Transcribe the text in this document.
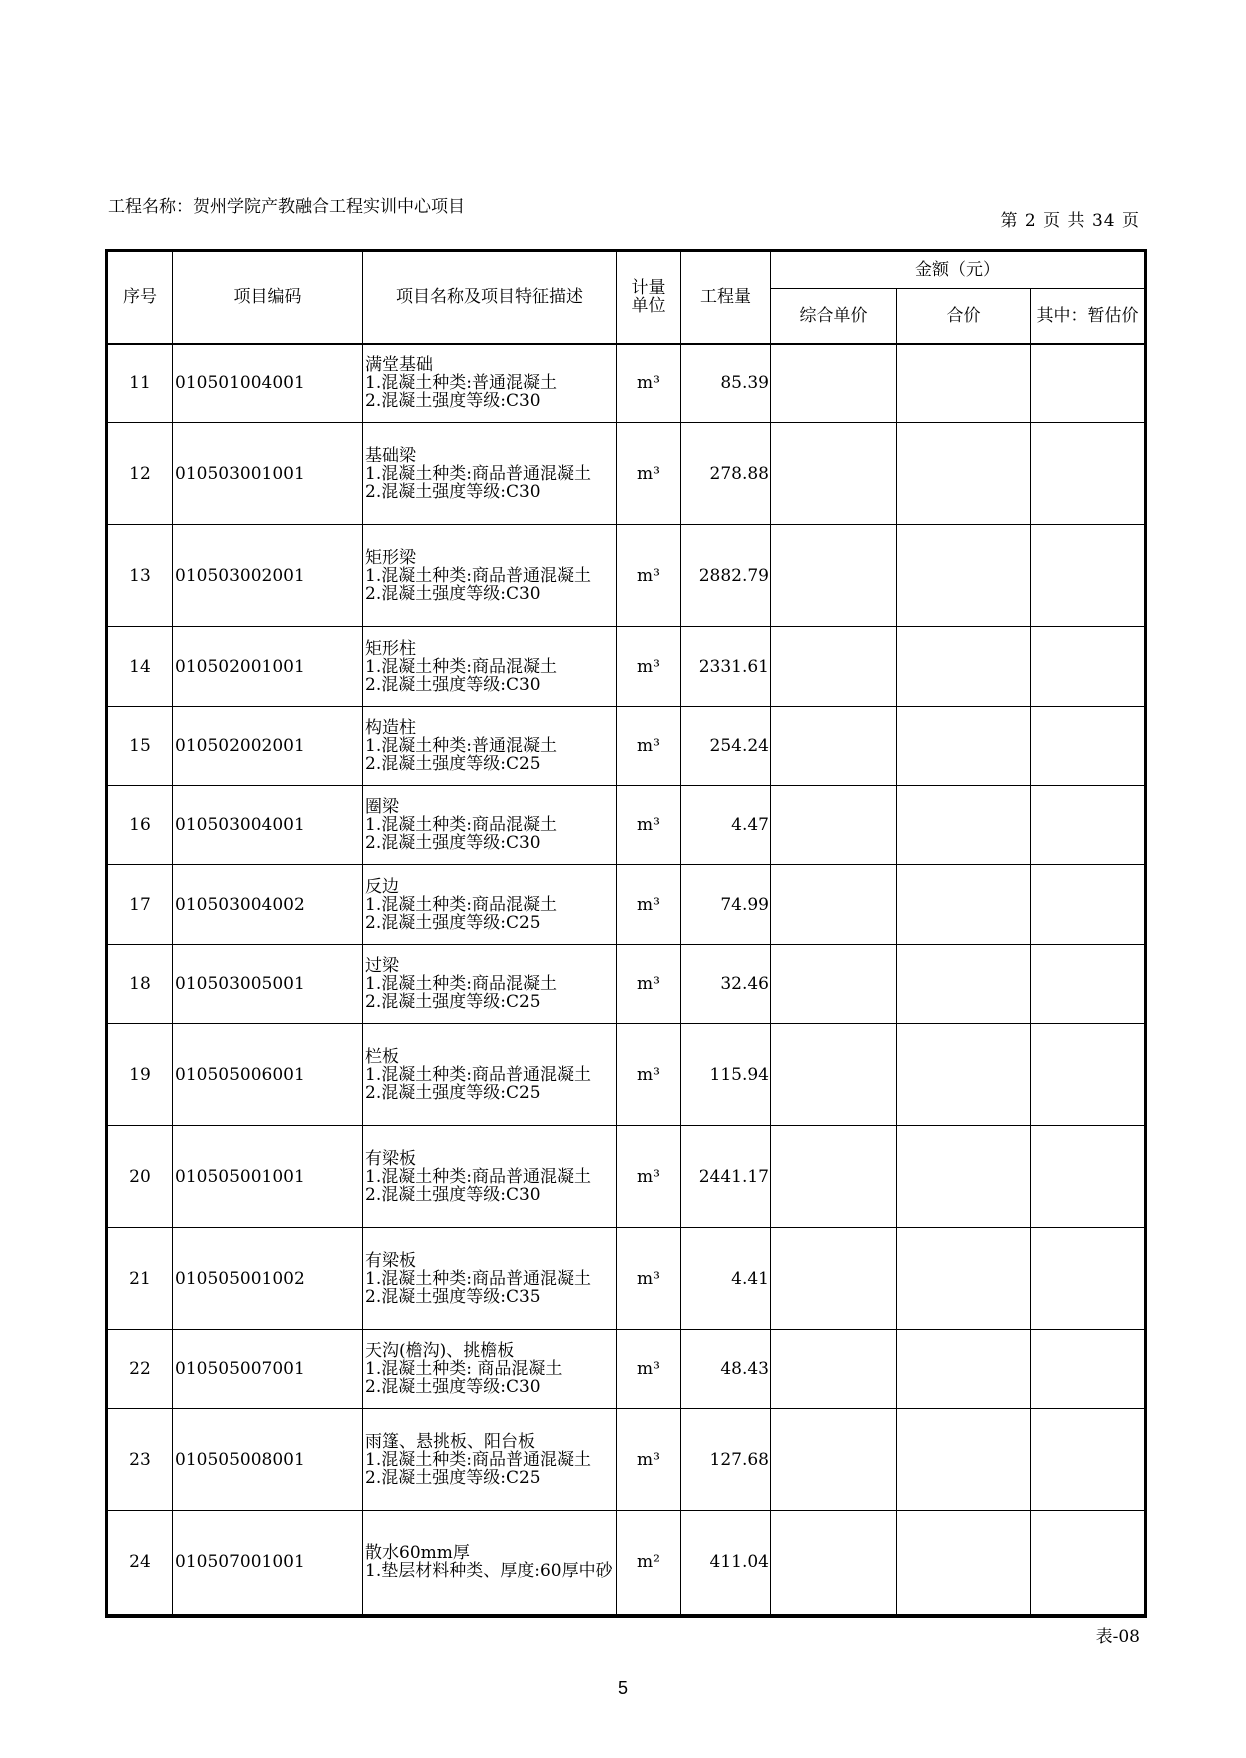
工程名称：贺州学院产教融合工程实训中心项目
第 2 页 共 34 页
序号	项目编码	项目名称及项目特征描述	计量单位	工程量	金额（元）		
					综合单价	合价	其中：暂估价
11	010501004001	满堂基础
1.混凝土种类:普通混凝土
2.混凝土强度等级:C30	m³	85.39			
12	010503001001	基础梁
1.混凝土种类:商品普通混凝土
2.混凝土强度等级:C30	m³	278.88			
13	010503002001	矩形梁
1.混凝土种类:商品普通混凝土
2.混凝土强度等级:C30	m³	2882.79			
14	010502001001	矩形柱
1.混凝土种类:商品混凝土
2.混凝土强度等级:C30	m³	2331.61			
15	010502002001	构造柱
1.混凝土种类:普通混凝土
2.混凝土强度等级:C25	m³	254.24			
16	010503004001	圈梁
1.混凝土种类:商品混凝土
2.混凝土强度等级:C30	m³	4.47			
17	010503004002	反边
1.混凝土种类:商品混凝土
2.混凝土强度等级:C25	m³	74.99			
18	010503005001	过梁
1.混凝土种类:商品混凝土
2.混凝土强度等级:C25	m³	32.46			
19	010505006001	栏板
1.混凝土种类:商品普通混凝土
2.混凝土强度等级:C25	m³	115.94			
20	010505001001	有梁板
1.混凝土种类:商品普通混凝土
2.混凝土强度等级:C30	m³	2441.17			
21	010505001002	有梁板
1.混凝土种类:商品普通混凝土
2.混凝土强度等级:C35	m³	4.41			
22	010505007001	天沟(檐沟)、挑檐板
1.混凝土种类: 商品混凝土
2.混凝土强度等级:C30	m³	48.43			
23	010505008001	雨篷、悬挑板、阳台板
1.混凝土种类:商品普通混凝土
2.混凝土强度等级:C25	m³	127.68			
24	010507001001	散水60mm厚
1.垫层材料种类、厚度:60厚中砂	m²	411.04			
表-08
5
